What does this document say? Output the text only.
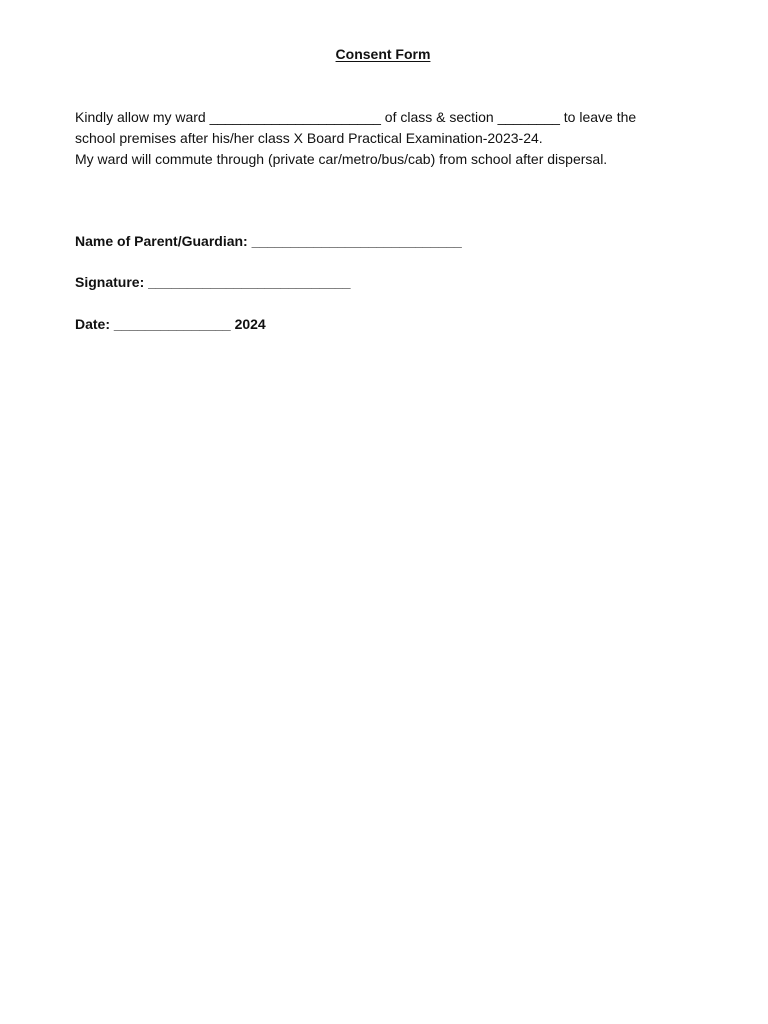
Consent Form
Kindly allow my ward ______________________ of class & section ________ to leave the
school premises after his/her class X Board Practical Examination-2023-24.
My ward will commute through (private car/metro/bus/cab) from school after dispersal.
Name of Parent/Guardian: ___________________________
Signature: __________________________
Date: _______________ 2024
